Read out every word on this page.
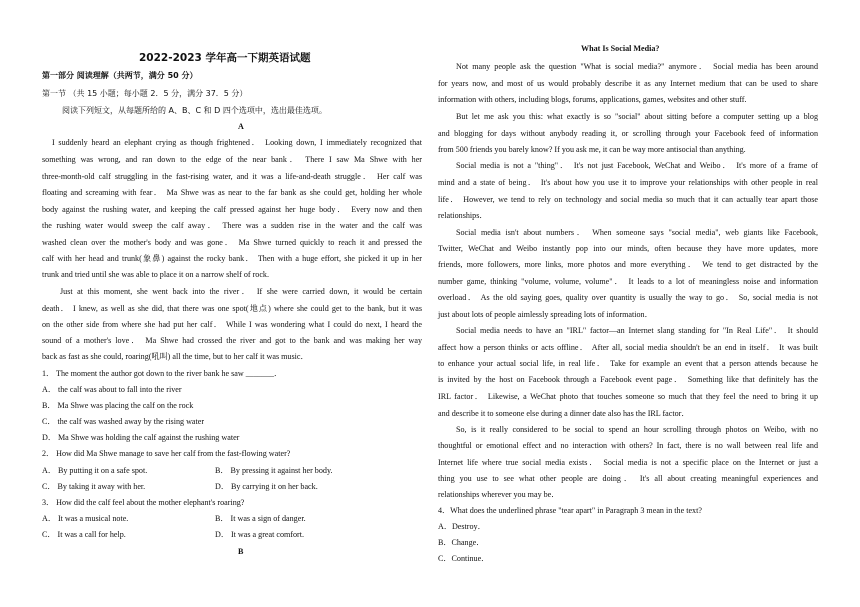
2022-2023 学年高一下期英语试题
第一部分 阅读理解（共两节，满分 50 分）
第一节 （共 15 小题；每小题 2．5 分，满分 37．5 分）
阅读下列短文，从每题所给的 A、B、C 和 D 四个选项中，选出最佳选项。
A
I suddenly heard an elephant crying as though frightened． Looking down, I immediately recognized that
something was wrong, and ran down to the edge of the near bank． There I saw Ma Shwe with her
three-month-old calf struggling in the fast-rising water, and it was a life-and-death struggle． Her calf was
floating and screaming with fear． Ma Shwe was as near to the far bank as she could get, holding her whole
body against the rushing water, and keeping the calf pressed against her huge body． Every now and then
the rushing water would sweep the calf away． There was a sudden rise in the water and the calf was
washed clean over the mother's body and was gone． Ma Shwe turned quickly to reach it and pressed the
calf with her head and trunk(象鼻) against the rocky bank． Then with a huge effort, she picked it up in her
trunk and tried until she was able to place it on a narrow shelf of rock.
Just at this moment, she went back into the river． If she were carried down, it would be certain
death． I knew, as well as she did, that there was one spot(地点) where she could get to the bank, but it was
on the other side from where she had put her calf． While I was wondering what I could do next, I heard the
sound of a mother's love． Ma Shwe had crossed the river and got to the bank and was making her way
back as fast as she could, roaring(吼叫) all the time, but to her calf it was music．
1． The moment the author got down to the river bank he saw _______．
A． the calf was about to fall into the river
B． Ma Shwe was placing the calf on the rock
C． the calf was washed away by the rising water
D． Ma Shwe was holding the calf against the rushing water
2． How did Ma Shwe manage to save her calf from the fast-flowing water?
A． By putting it on a safe spot.	B． By pressing it against her body.
C． By taking it away with her.	D． By carrying it on her back.
3． How did the calf feel about the mother elephant's roaring?
A． It was a musical note.	B． It was a sign of danger.
C． It was a call for help.	D． It was a great comfort.
B
What Is Social Media?
Not many people ask the question "What is social media?" anymore． Social media has been around
for years now, and most of us would probably describe it as any Internet medium that can be used to share
information with others, including blogs, forums, applications, games, websites and other stuff.
But let me ask you this: what exactly is so "social" about sitting before a computer setting up a blog
and blogging for days without anybody reading it, or scrolling through your Facebook feed of information
from 500 friends you barely know? If you ask me, it can be way more antisocial than anything.
Social media is not a "thing"． It's not just Facebook, WeChat and Weibo． It's more of a frame of
mind and a state of being． It's about how you use it to improve your relationships with other people in real
life． However, we tend to rely on technology and social media so much that it can actually tear apart those
relationships．
Social media isn't about numbers． When someone says "social media", web giants like Facebook,
Twitter, WeChat and Weibo instantly pop into our minds, often because they have more updates, more
friends, more followers, more links, more photos and more everything． We tend to get distracted by the
number game, thinking "volume, volume, volume"． It leads to a lot of meaningless noise and information
overload． As the old saying goes, quality over quantity is usually the way to go． So, social media is not
just about lots of people aimlessly spreading lots of information．
Social media needs to have an "IRL" factor—an Internet slang standing for "In Real Life"． It should
affect how a person thinks or acts offline． After all, social media shouldn't be an end in itself． It was built
to enhance your actual social life, in real life． Take for example an event that a person attends because he
is invited by the host on Facebook through a Facebook event page． Something like that definitely has the
IRL factor． Likewise, a WeChat photo that touches someone so much that they feel the need to bring it up
and describe it to someone else during a dinner date also has the IRL factor．
So, is it really considered to be social to spend an hour scrolling through photos on Weibo, with no
thoughtful or emotional effect and no interaction with others? In fact, there is no wall between real life and
Internet life where true social media exists． Social media is not a specific place on the Internet or just a
thing you use to see what other people are doing． It's all about creating meaningful experiences and
relationships wherever you may be．
4．What does the underlined phrase "tear apart" in Paragraph 3 mean in the text?
A．Destroy．
B．Change．
C．Continue．
